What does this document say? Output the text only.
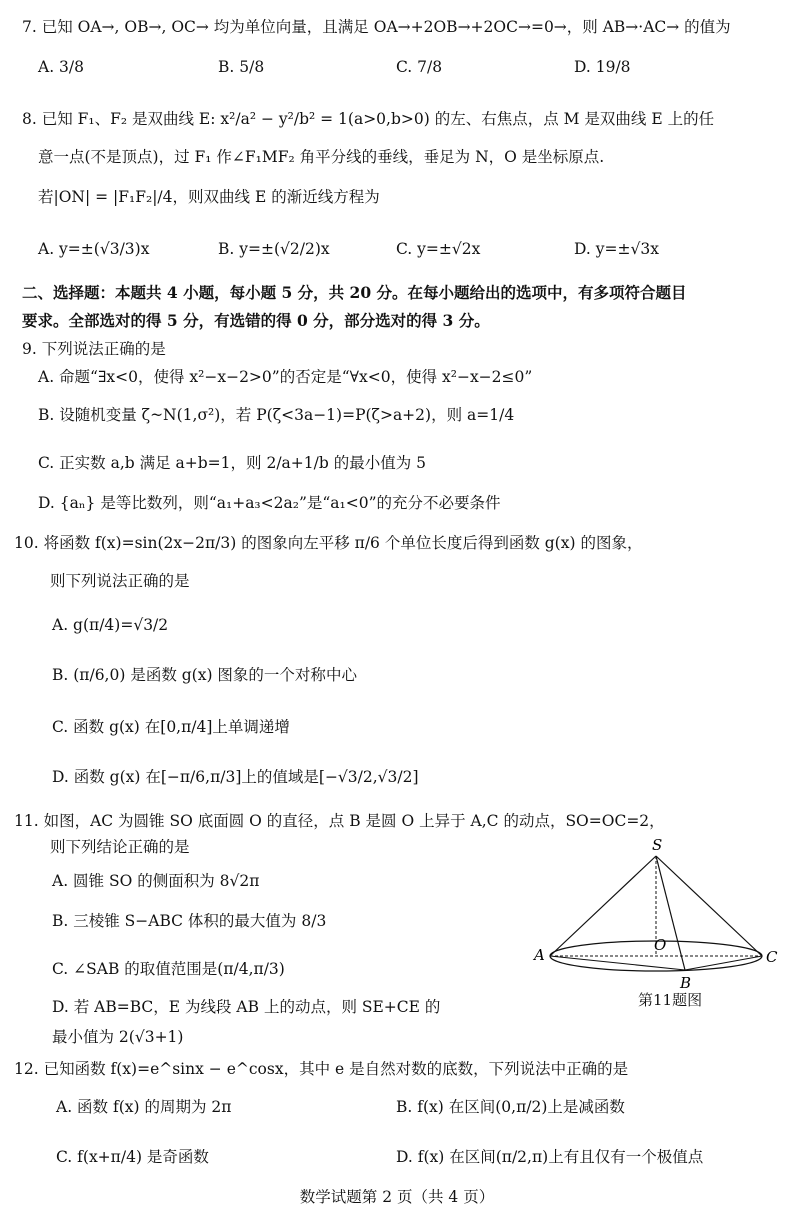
7. 已知 OA→, OB→, OC→ 均为单位向量，且满足 OA→+2OB→+2OC→=0→，则 AB→·AC→ 的值为
A. 3/8	B. 5/8	C. 7/8	D. 19/8
8. 已知 F₁、F₂ 是双曲线 E: x²/a² − y²/b² = 1(a>0,b>0) 的左、右焦点，点 M 是双曲线 E 上的任
意一点(不是顶点)，过 F₁ 作∠F₁MF₂ 角平分线的垂线，垂足为 N，O 是坐标原点.
若|ON| = |F₁F₂|/4，则双曲线 E 的渐近线方程为
A. y=±(√3/3)x	B. y=±(√2/2)x	C. y=±√2x	D. y=±√3x
二、选择题：本题共 4 小题，每小题 5 分，共 20 分。在每小题给出的选项中，有多项符合题目
要求。全部选对的得 5 分，有选错的得 0 分，部分选对的得 3 分。
9. 下列说法正确的是
A. 命题“∃x<0，使得 x²−x−2>0”的否定是“∀x<0，使得 x²−x−2≤0”
B. 设随机变量 ζ~N(1,σ²)，若 P(ζ<3a−1)=P(ζ>a+2)，则 a=1/4
C. 正实数 a,b 满足 a+b=1，则 2/a+1/b 的最小值为 5
D. {aₙ} 是等比数列，则“a₁+a₃<2a₂”是“a₁<0”的充分不必要条件
10. 将函数 f(x)=sin(2x−2π/3) 的图象向左平移 π/6 个单位长度后得到函数 g(x) 的图象，
则下列说法正确的是
A. g(π/4)=√3/2
B. (π/6,0) 是函数 g(x) 图象的一个对称中心
C. 函数 g(x) 在[0,π/4]上单调递增
D. 函数 g(x) 在[−π/6,π/3]上的值域是[−√3/2,√3/2]
11. 如图，AC 为圆锥 SO 底面圆 O 的直径，点 B 是圆 O 上异于 A,C 的动点，SO=OC=2，
则下列结论正确的是
A. 圆锥 SO 的侧面积为 8√2π
B. 三棱锥 S−ABC 体积的最大值为 8/3
C. ∠SAB 的取值范围是(π/4,π/3)
D. 若 AB=BC，E 为线段 AB 上的动点，则 SE+CE 的
最小值为 2(√3+1)
S
O
A	C
B
第11题图
12. 已知函数 f(x)=e^sinx − e^cosx，其中 e 是自然对数的底数，下列说法中正确的是
A. 函数 f(x) 的周期为 2π	B. f(x) 在区间(0,π/2)上是减函数
C. f(x+π/4) 是奇函数	D. f(x) 在区间(π/2,π)上有且仅有一个极值点
数学试题第 2 页（共 4 页）
